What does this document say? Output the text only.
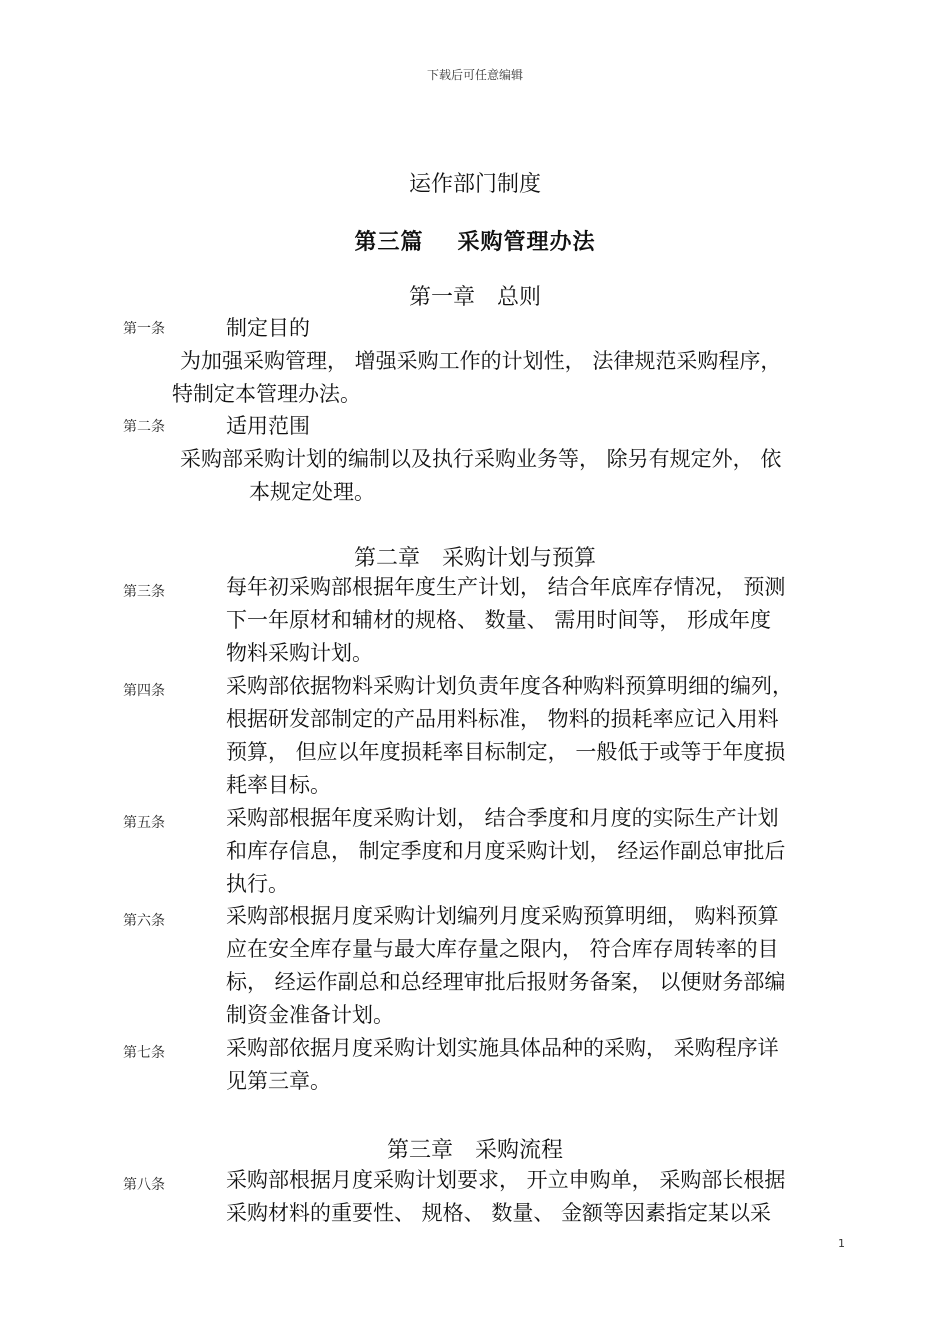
下载后可任意编辑
运作部门制度
第三篇 采购管理办法
第一章 总则
第一条	制定目的
为加强采购管理， 增强采购工作的计划性， 法律规范采购程序，
特制定本管理办法。
第二条	适用范围
采购部采购计划的编制以及执行采购业务等， 除另有规定外， 依
本规定处理。
第二章 采购计划与预算
第三条	每年初采购部根据年度生产计划， 结合年底库存情况， 预测
下一年原材和辅材的规格、 数量、 需用时间等， 形成年度
物料采购计划。
第四条	采购部依据物料采购计划负责年度各种购料预算明细的编列，
根据研发部制定的产品用料标准， 物料的损耗率应记入用料
预算， 但应以年度损耗率目标制定， 一般低于或等于年度损
耗率目标。
第五条	采购部根据年度采购计划， 结合季度和月度的实际生产计划
和库存信息， 制定季度和月度采购计划， 经运作副总审批后
执行。
第六条	采购部根据月度采购计划编列月度采购预算明细， 购料预算
应在安全库存量与最大库存量之限内， 符合库存周转率的目
标， 经运作副总和总经理审批后报财务备案， 以便财务部编
制资金准备计划。
第七条	采购部依据月度采购计划实施具体品种的采购， 采购程序详
见第三章。
第三章 采购流程
第八条	采购部根据月度采购计划要求， 开立申购单， 采购部长根据
采购材料的重要性、 规格、 数量、 金额等因素指定某以采
1
